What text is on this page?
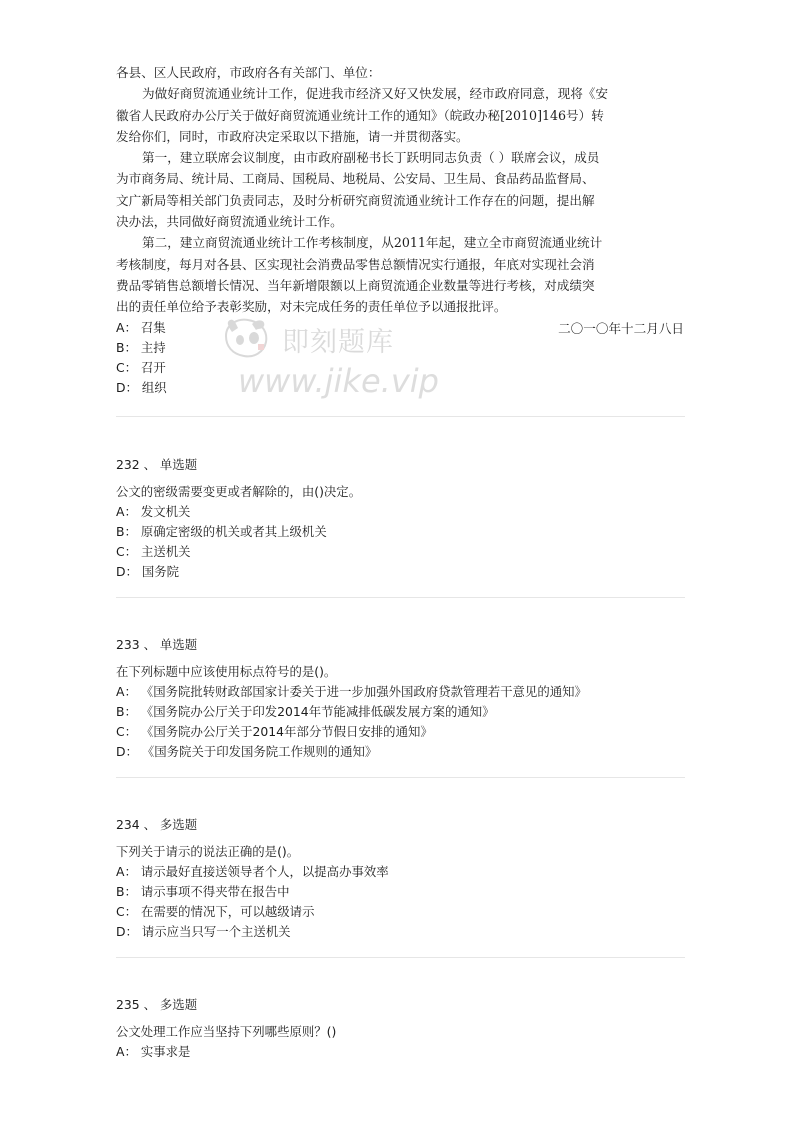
各县、区人民政府，市政府各有关部门、单位：
为做好商贸流通业统计工作，促进我市经济又好又快发展，经市政府同意，现将《安
徽省人民政府办公厅关于做好商贸流通业统计工作的通知》（皖政办秘[2010]146号）转
发给你们，同时，市政府决定采取以下措施，请一并贯彻落实。
第一，建立联席会议制度，由市政府副秘书长丁跃明同志负责（ ）联席会议，成员
为市商务局、统计局、工商局、国税局、地税局、公安局、卫生局、食品药品监督局、
文广新局等相关部门负责同志，及时分析研究商贸流通业统计工作存在的问题，提出解
决办法，共同做好商贸流通业统计工作。
第二，建立商贸流通业统计工作考核制度，从2011年起，建立全市商贸流通业统计
考核制度，每月对各县、区实现社会消费品零售总额情况实行通报，年底对实现社会消
费品零销售总额增长情况、当年新增限额以上商贸流通企业数量等进行考核，对成绩突
出的责任单位给予表彰奖励，对未完成任务的责任单位予以通报批评。
二〇一〇年十二月八日
A： 召集
B： 主持
C： 召开
D： 组织
即刻题库
www.jike.vip
232 、 单选题
公文的密级需要变更或者解除的，由()决定。
A： 发文机关
B： 原确定密级的机关或者其上级机关
C： 主送机关
D： 国务院
233 、 单选题
在下列标题中应该使用标点符号的是()。
A： 《国务院批转财政部国家计委关于进一步加强外国政府贷款管理若干意见的通知》
B： 《国务院办公厅关于印发2014年节能减排低碳发展方案的通知》
C： 《国务院办公厅关于2014年部分节假日安排的通知》
D： 《国务院关于印发国务院工作规则的通知》
234 、 多选题
下列关于请示的说法正确的是()。
A： 请示最好直接送领导者个人，以提高办事效率
B： 请示事项不得夹带在报告中
C： 在需要的情况下，可以越级请示
D： 请示应当只写一个主送机关
235 、 多选题
公文处理工作应当坚持下列哪些原则？()
A： 实事求是
